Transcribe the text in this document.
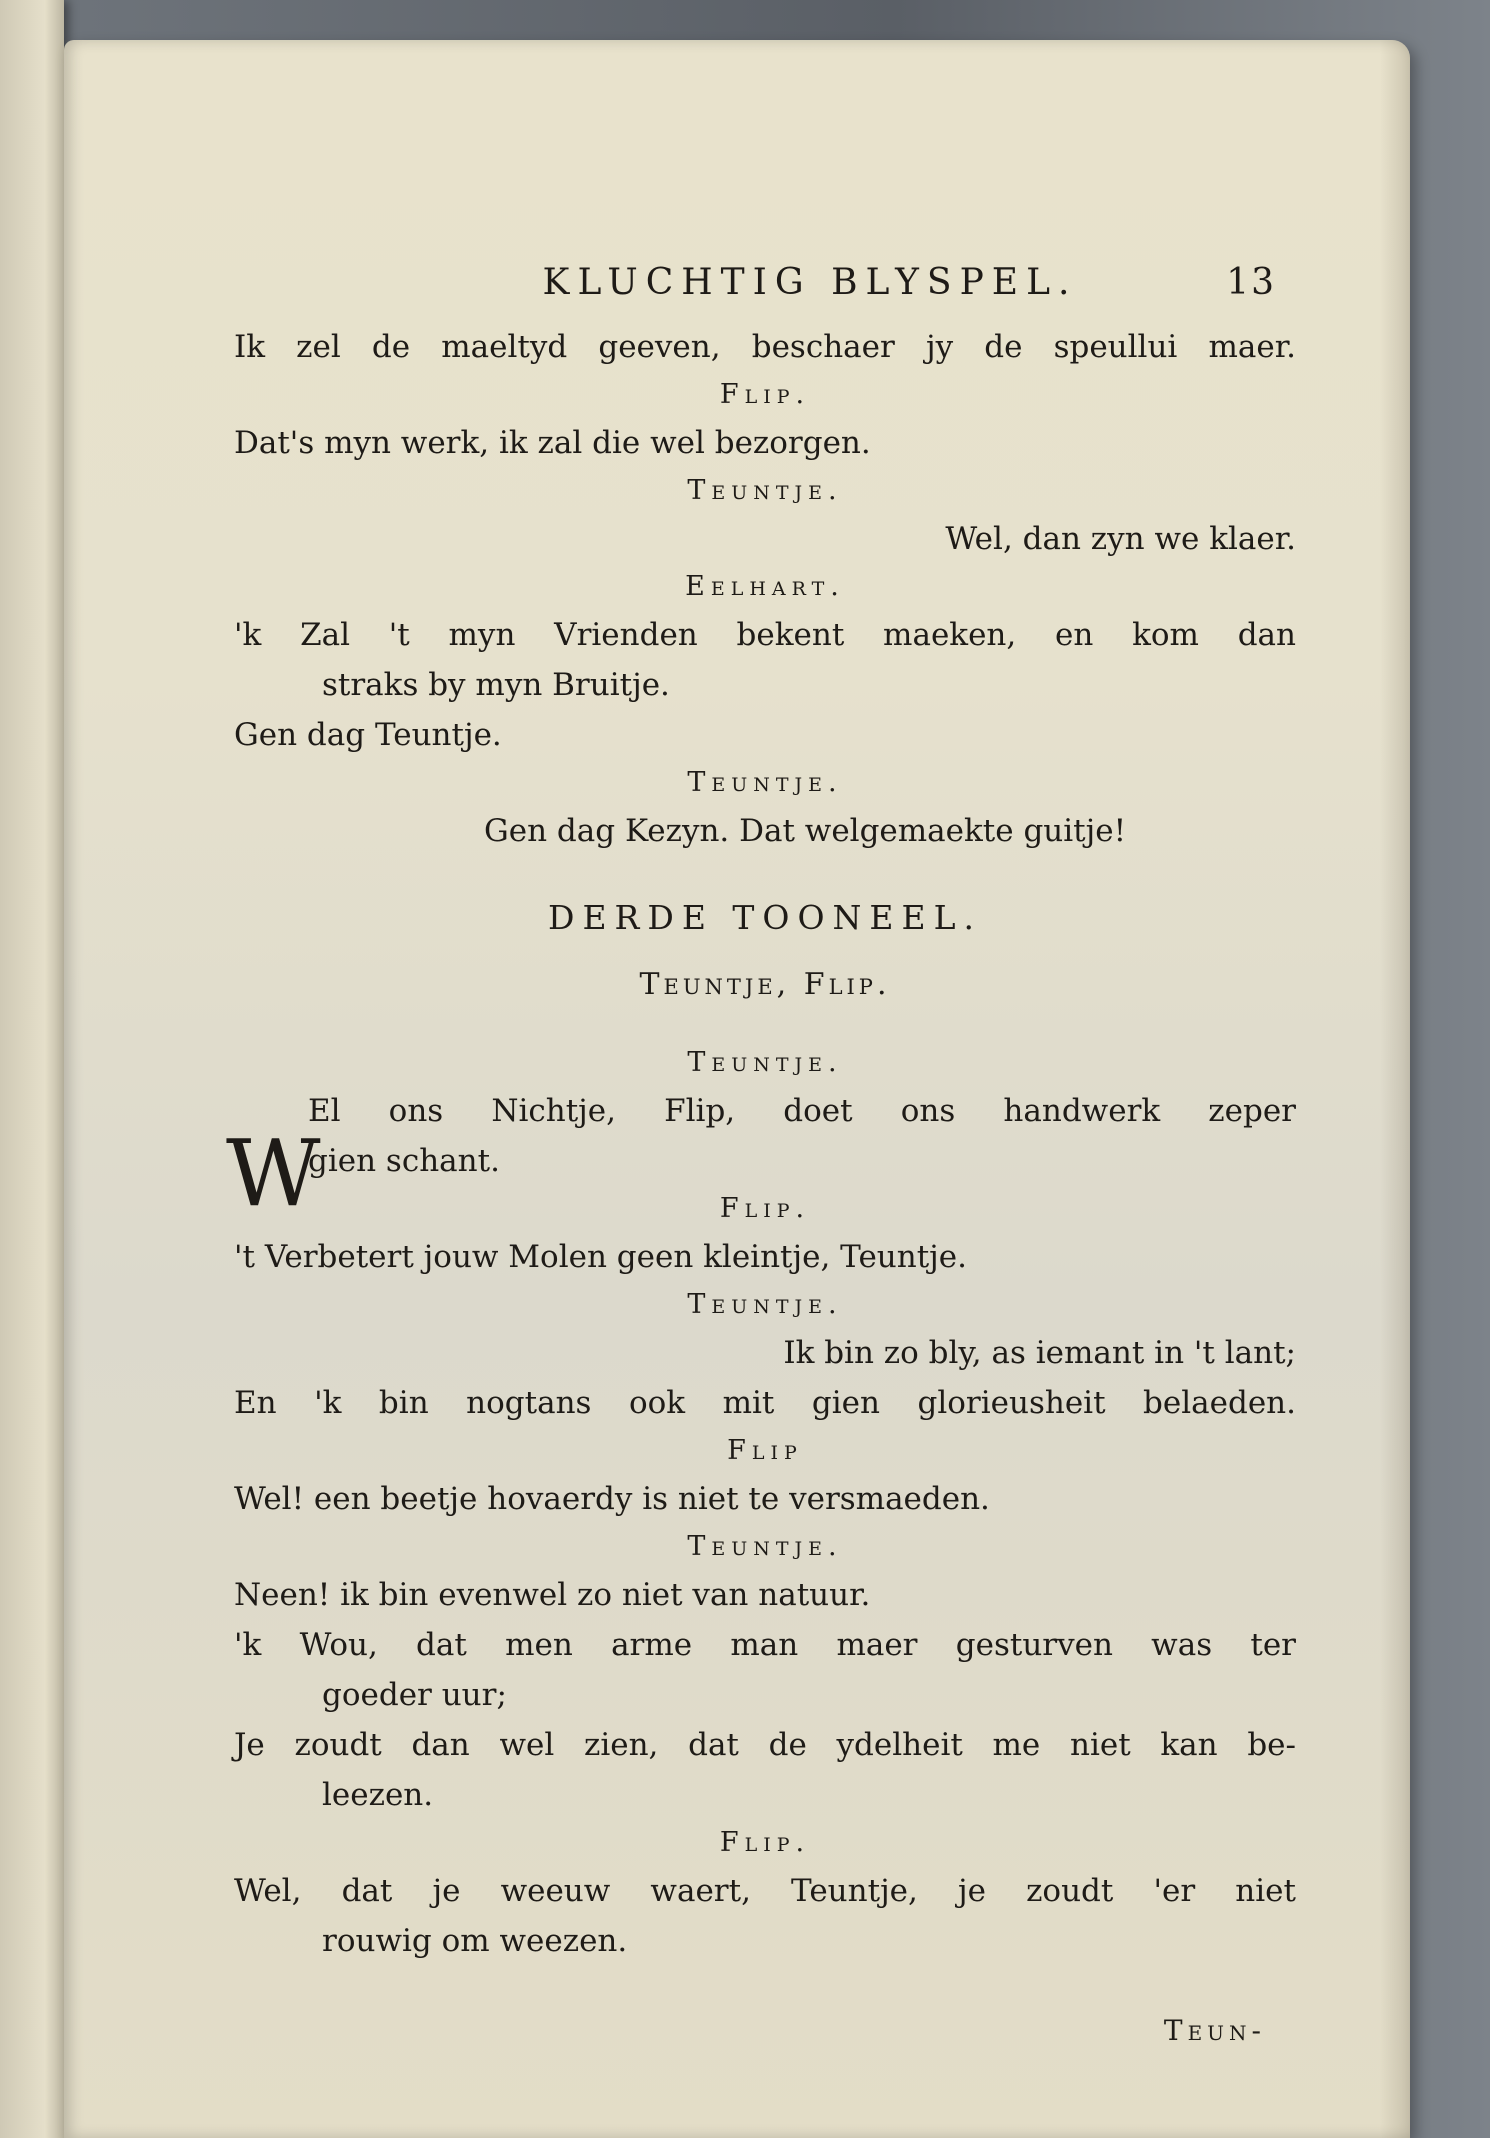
KLUCHTIG BLYSPEL.	13
Ik zel de maeltyd geeven, beschaer jy de speullui maer.
Flip.
Dat's myn werk, ik zal die wel bezorgen.
Teuntje.
Wel, dan zyn we klaer.
Eelhart.
'k Zal 't myn Vrienden bekent maeken, en kom dan
straks by myn Bruitje.
Gen dag Teuntje.
Teuntje.
Gen dag Kezyn. Dat welgemaekte guitje!
DERDE TOONEEL.
Teuntje, Flip.
Teuntje.
W
El ons Nichtje, Flip, doet ons handwerk zeper
gien schant.
Flip.
't Verbetert jouw Molen geen kleintje, Teuntje.
Teuntje.
Ik bin zo bly, as iemant in 't lant;
En 'k bin nogtans ook mit gien glorieusheit belaeden.
Flip
Wel! een beetje hovaerdy is niet te versmaeden.
Teuntje.
Neen! ik bin evenwel zo niet van natuur.
'k Wou, dat men arme man maer gesturven was ter
goeder uur;
Je zoudt dan wel zien, dat de ydelheit me niet kan be-
leezen.
Flip.
Wel, dat je weeuw waert, Teuntje, je zoudt 'er niet
rouwig om weezen.
Teun-
